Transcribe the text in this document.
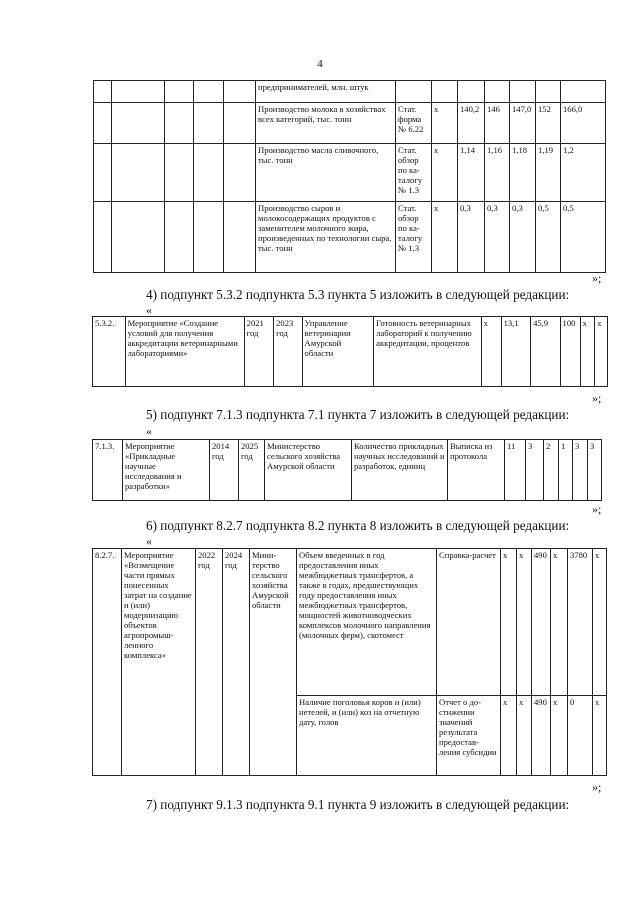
4
					предпринимателей, млн. штук							
					Производство молока в хозяйствах всех категорий, тыс. тонн	Стат. форма № 6.22	х	140,2	146	147,0	152	166,0
					Производство масла сливочного, тыс. тонн	Стат. обзор по ка-талогу № 1.3	х	1,14	1,16	1,18	1,19	1,2
					Производство сыров и молокосодержащих продуктов с заменителем молочного жира, произведенных по технологии сыра, тыс. тонн	Стат. обзор по ка-талогу № 1.3	х	0,3	0,3	0,3	0,5	0,5
»;
4) подпункт 5.3.2 подпункта 5.3 пункта 5 изложить в следующей редакции:
«
5.3.2.	Мероприятие «Создание условий для получения аккредитации ветеринарными лабораториями»	2021 год	2023 год	Управление ветеринарии Амурской области	Готовность ветеринарных лабораторий к получению аккредитации, процентов	х	13,1	45,9	100	х	х
»;
5) подпункт 7.1.3 подпункта 7.1 пункта 7 изложить в следующей редакции:
«
7.1.3.	Мероприятие «Прикладные научные исследования и разработки»	2014 год	2025 год	Министерство сельского хозяйства Амурской области	Количество прикладных научных исследований и разработок, единиц	Выписка из протокола	11	3	2	1	3	3
»;
6) подпункт 8.2.7 подпункта 8.2 пункта 8 изложить в следующей редакции:
«
8.2.7.	Мероприятие «Возмещение части прямых понесенных затрат на создание и (или) модернизацию объектов агропромыш-ленного комплекса»	2022 год	2024 год	Мини-терство сельского хозяйства Амурской области	Объем введенных в год предоставления иных межбюджетных трансфертов, а также в годах, предшествующих году предоставления иных межбюджетных трансфертов, мощностей животноводческих комплексов молочного направления (молочных ферм), скотомест	Справка-расчет	х	х	490	х	3780	х
					Наличие поголовья коров и (или) нетелей, и (или) коз на отчетную дату, голов	Отчет о до-стижении значений результата предостав-ления субсидии	х	х	490	х	0	х
»;
7) подпункт 9.1.3 подпункта 9.1 пункта 9 изложить в следующей редакции:
